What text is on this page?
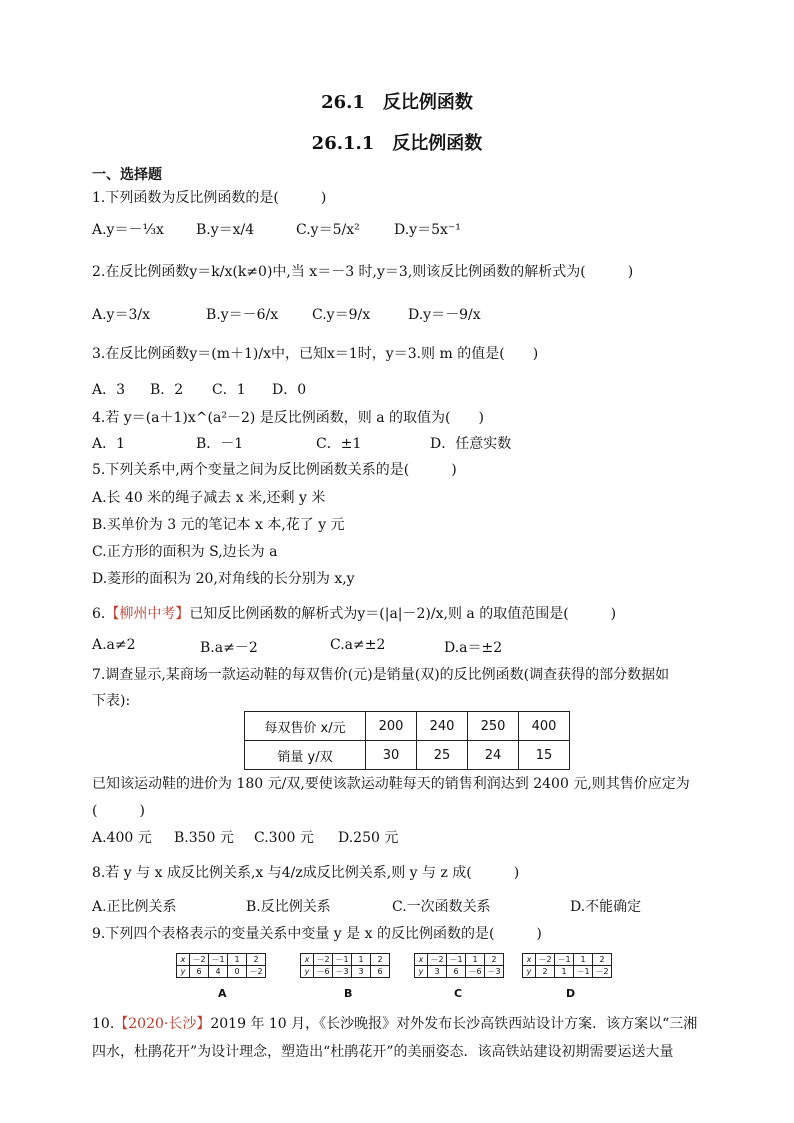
26.1　反比例函数
26.1.1　反比例函数
一、选择题
1.下列函数为反比例函数的是(　　　)
A.y＝－⅓x B.y＝x/4	C.y＝5/x² D.y＝5x⁻¹
2.在反比例函数y＝k/x(k≠0)中,当 x＝－3 时,y＝3,则该反比例函数的解析式为(　　　)
A.y＝3/x	B.y＝－6/x C.y＝9/x	D.y＝－9/x
3.在反比例函数y＝(m＋1)/x中，已知x＝1时，y＝3.则 m 的值是(　　)
A．3 B．2 C．1 D．0
4.若 y＝(a＋1)x^(a²－2) 是反比例函数，则 a 的取值为(　　)
A．1	B．－1	C．±1	D．任意实数
5.下列关系中,两个变量之间为反比例函数关系的是(　　　)
A.长 40 米的绳子减去 x 米,还剩 y 米
B.买单价为 3 元的笔记本 x 本,花了 y 元
C.正方形的面积为 S,边长为 a
D.菱形的面积为 20,对角线的长分别为 x,y
6.【柳州中考】已知反比例函数的解析式为y＝(|a|－2)/x,则 a 的取值范围是(　　　)
A.a≠2	B.a≠－2	C.a≠±2	D.a＝±2
7.调查显示,某商场一款运动鞋的每双售价(元)是销量(双)的反比例函数(调查获得的部分数据如
下表):
每双售价 x/元	200	240	250	400
销量 y/双	30	25	24	15
已知该运动鞋的进价为 180 元/双,要使该款运动鞋每天的销售利润达到 2400 元,则其售价应定为
(　　　)
A.400 元 B.350 元 C.300 元 D.250 元
8.若 y 与 x 成反比例关系,x 与4/z成反比例关系,则 y 与 z 成(　　　)
A.正比例关系	B.反比例关系	C.一次函数关系	D.不能确定
9.下列四个表格表示的变量关系中变量 y 是 x 的反比例函数的是(　　　)
x	－2	－1	1	2
y	6	4	0	－2
A
x	－2	－1	1	2
y	－6	－3	3	6
B
x	－2	－1	1	2
y	3	6	－6	－3
C
x	－2	－1	1	2
y	2	1	－1	－2
D
10.【2020·长沙】2019 年 10 月，《长沙晚报》对外发布长沙高铁西站设计方案．该方案以“三湘
四水，杜鹃花开”为设计理念，塑造出“杜鹃花开”的美丽姿态．该高铁站建设初期需要运送大量
